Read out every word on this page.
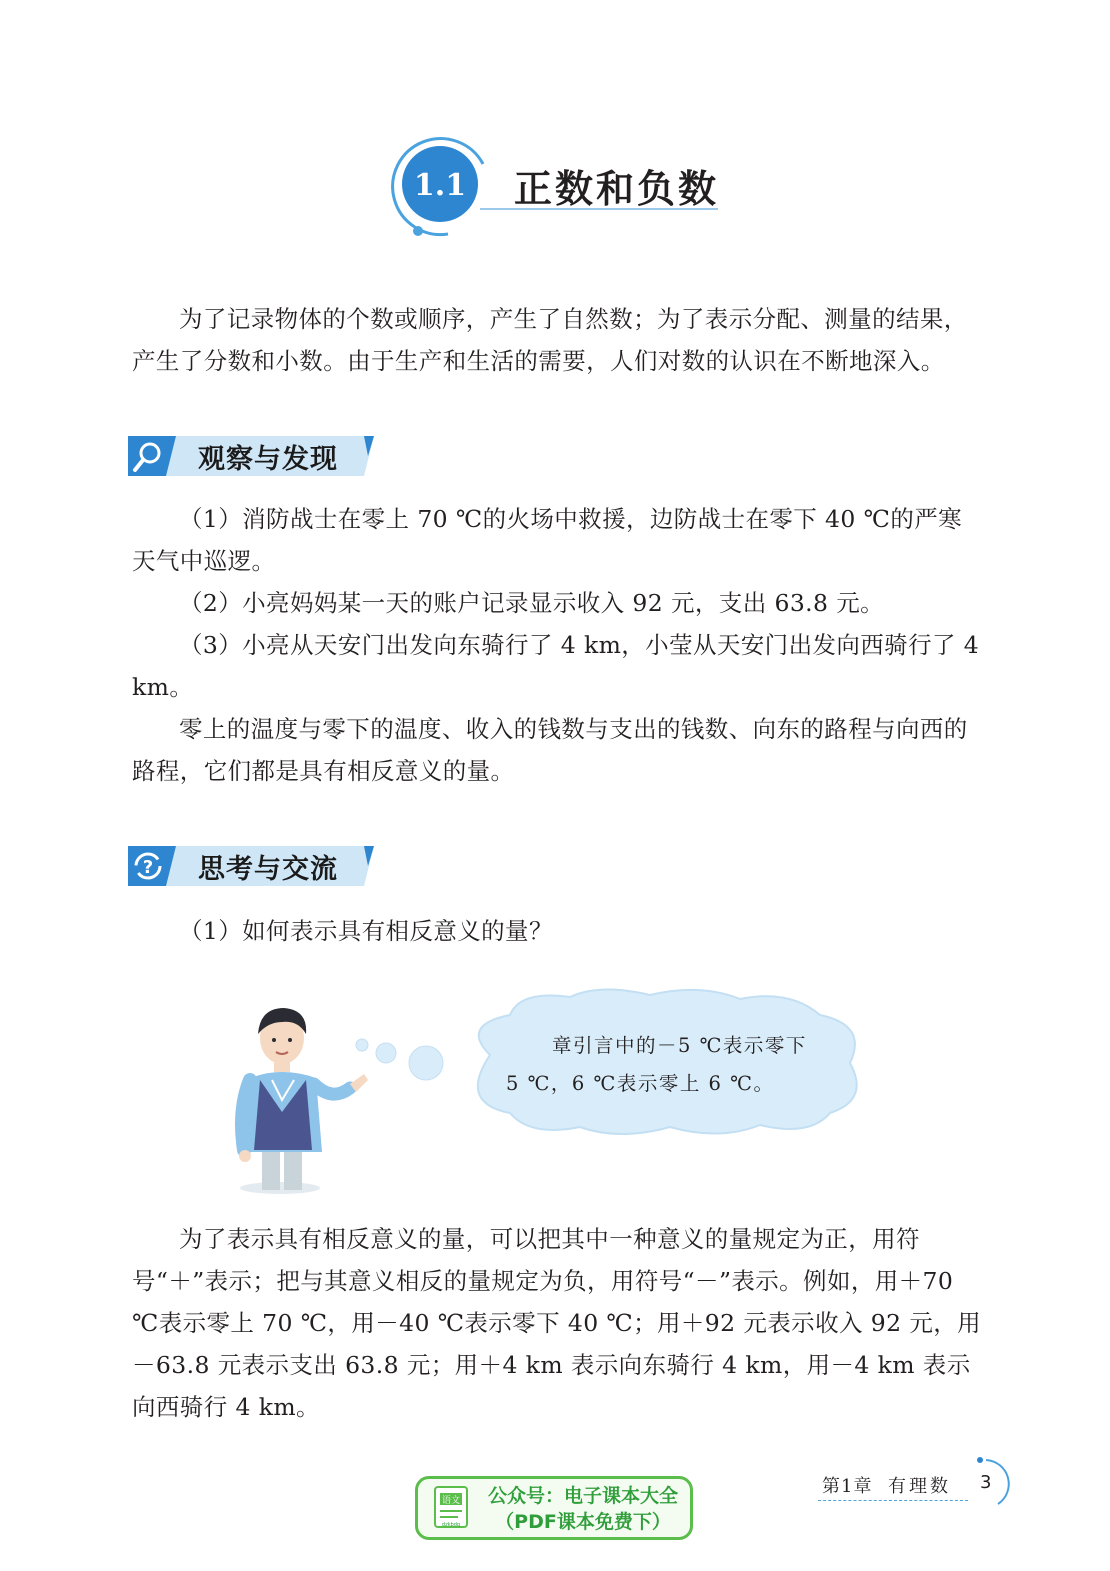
1.1 正数和负数

为了记录物体的个数或顺序，产生了自然数；为了表示分配、测量的结果，产生了分数和小数。由于生产和生活的需要，人们对数的认识在不断地深入。

观察与发现

（1）消防战士在零上 70 ℃的火场中救援，边防战士在零下 40 ℃的严寒天气中巡逻。

（2）小亮妈妈某一天的账户记录显示收入 92 元，支出 63.8 元。

（3）小亮从天安门出发向东骑行了 4 km，小莹从天安门出发向西骑行了 4 km。

零上的温度与零下的温度、收入的钱数与支出的钱数、向东的路程与向西的路程，它们都是具有相反意义的量。

? 思考与交流

（1）如何表示具有相反意义的量？

章引言中的－5 ℃表示零下
5 ℃，6 ℃表示零上 6 ℃。

为了表示具有相反意义的量，可以把其中一种意义的量规定为正，用符号“＋”表示；把与其意义相反的量规定为负，用符号“－”表示。例如，用＋70 ℃表示零上 70 ℃，用－40 ℃表示零下 40 ℃；用＋92 元表示收入 92 元，用－63.8 元表示支出 63.8 元；用＋4 km 表示向东骑行 4 km，用－4 km 表示向西骑行 4 km。

语文
dzkbdq
公众号：电子课本大全
（PDF课本免费下）
第1章 有理数 3
